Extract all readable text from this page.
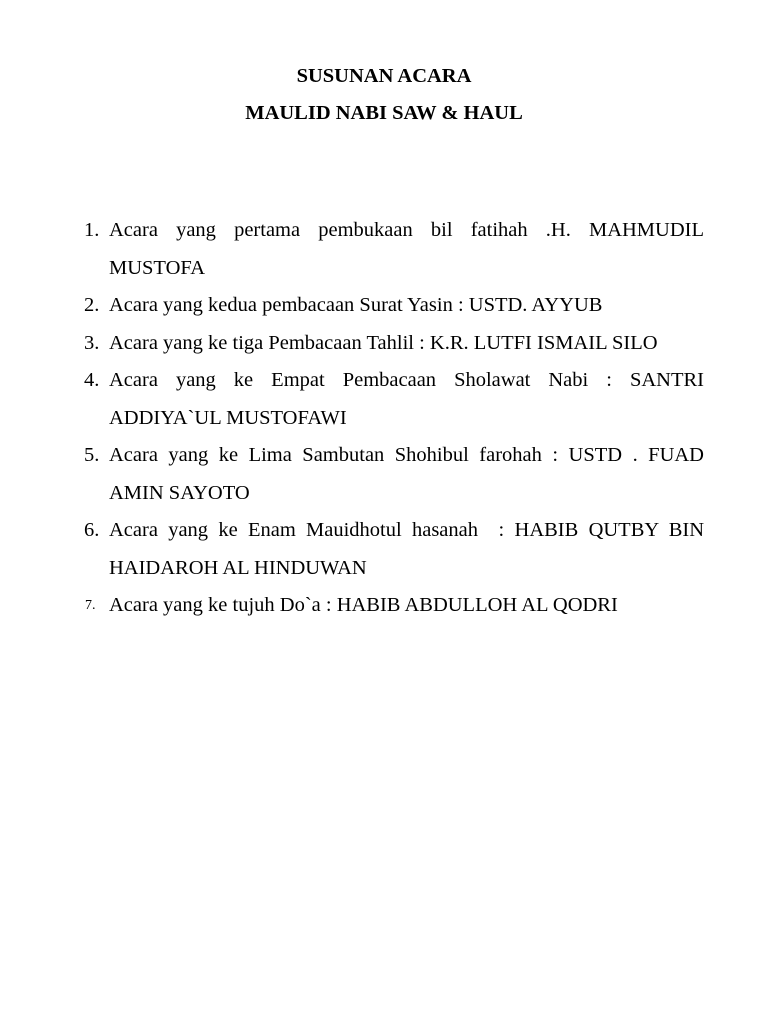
SUSUNAN ACARA
MAULID NABI SAW & HAUL
1. Acara yang pertama pembukaan bil fatihah .H. MAHMUDIL MUSTOFA
2. Acara yang kedua pembacaan Surat Yasin : USTD. AYYUB
3. Acara yang ke tiga Pembacaan Tahlil : K.R. LUTFI ISMAIL SILO
4. Acara yang ke Empat Pembacaan Sholawat Nabi : SANTRI ADDIYA`UL MUSTOFAWI
5. Acara yang ke Lima Sambutan Shohibul farohah : USTD . FUAD AMIN SAYOTO
6. Acara yang ke Enam Mauidhotul hasanah  : HABIB QUTBY BIN HAIDAROH AL HINDUWAN
7. Acara yang ke tujuh Do`a : HABIB ABDULLOH AL QODRI
